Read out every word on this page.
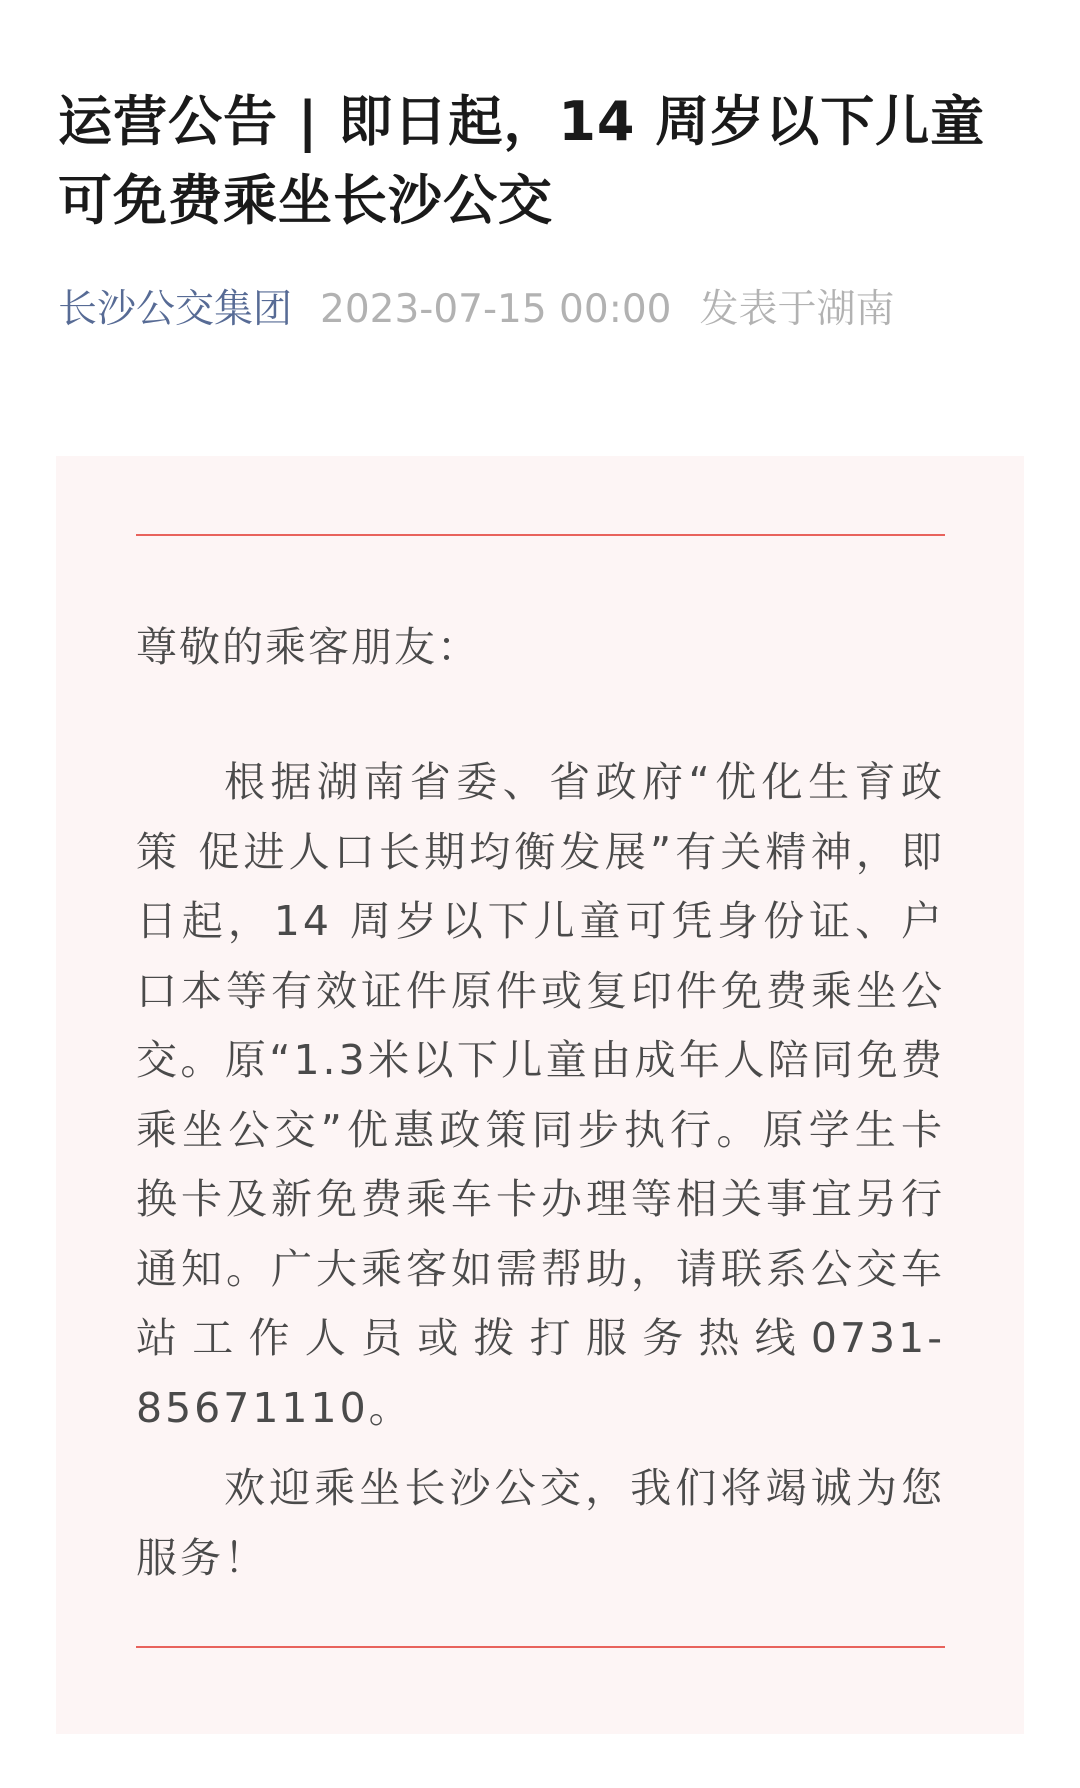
运营公告 | 即日起，14 周岁以下儿童可免费乘坐长沙公交
长沙公交集团 2023-07-15 00:00 发表于湖南

尊敬的乘客朋友：

根据湖南省委、省政府“优化生育政策 促进人口长期均衡发展”有关精神，即日起，14 周岁以下儿童可凭身份证、户口本等有效证件原件或复印件免费乘坐公交。原“1.3米以下儿童由成年人陪同免费乘坐公交”优惠政策同步执行。原学生卡换卡及新免费乘车卡办理等相关事宜另行通知。广大乘客如需帮助，请联系公交车站工作人员或拨打服务热线0731-85671110。

欢迎乘坐长沙公交，我们将竭诚为您服务！
